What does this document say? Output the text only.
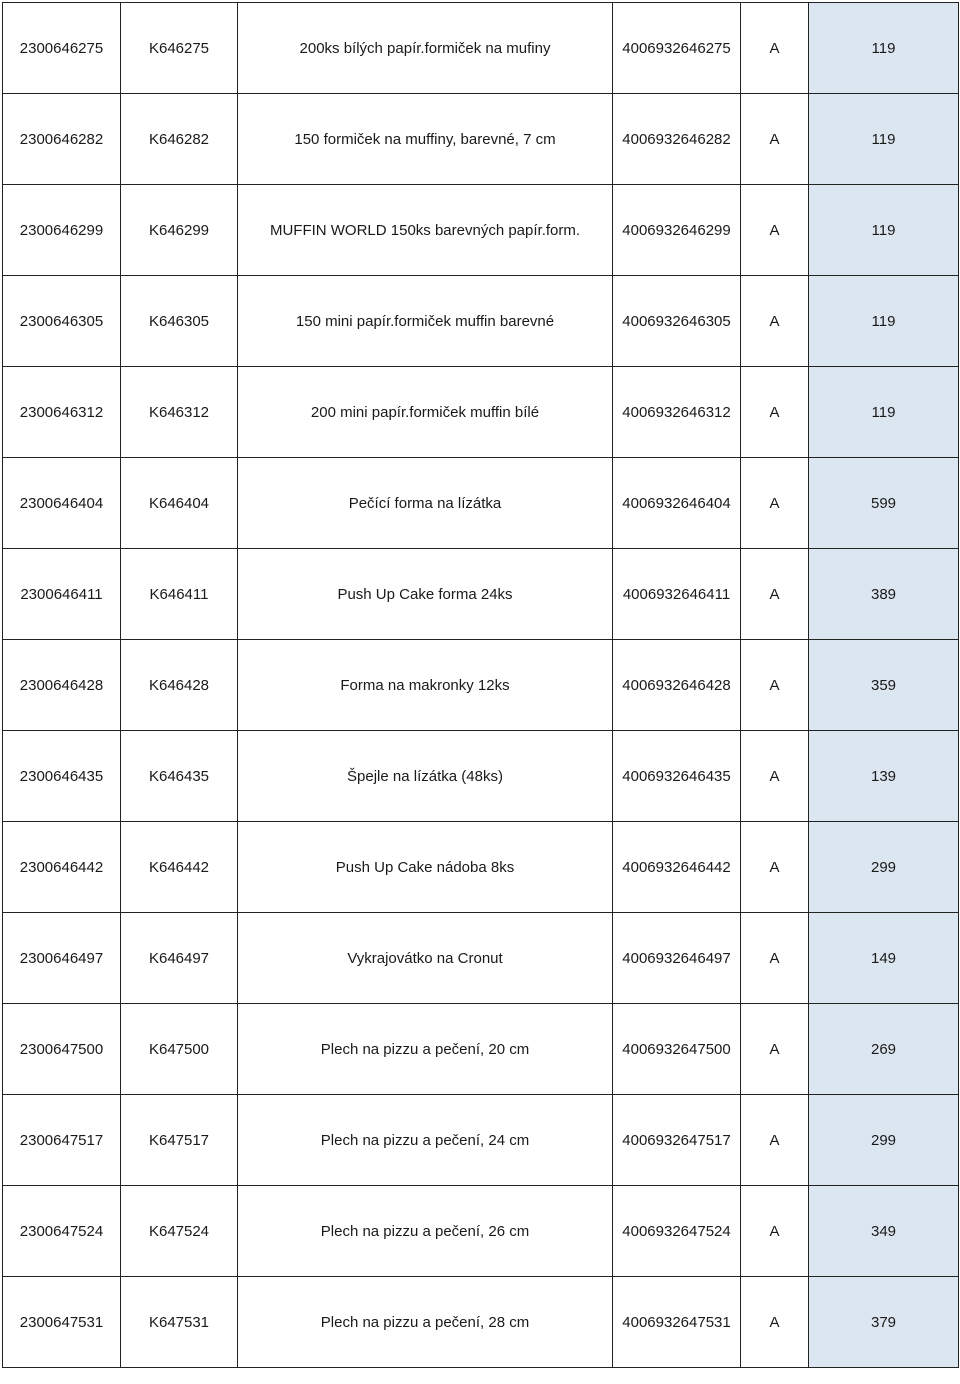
2300646275	K646275	200ks bílých papír.formiček na mufiny	4006932646275	A	119
2300646282	K646282	150 formiček na muffiny, barevné, 7 cm	4006932646282	A	119
2300646299	K646299	MUFFIN WORLD 150ks barevných papír.form.	4006932646299	A	119
2300646305	K646305	150 mini papír.formiček muffin barevné	4006932646305	A	119
2300646312	K646312	200 mini papír.formiček muffin bílé	4006932646312	A	119
2300646404	K646404	Pečící forma na lízátka	4006932646404	A	599
2300646411	K646411	Push Up Cake forma 24ks	4006932646411	A	389
2300646428	K646428	Forma na makronky 12ks	4006932646428	A	359
2300646435	K646435	Špejle na lízátka (48ks)	4006932646435	A	139
2300646442	K646442	Push Up Cake nádoba 8ks	4006932646442	A	299
2300646497	K646497	Vykrajovátko na Cronut	4006932646497	A	149
2300647500	K647500	Plech na pizzu a pečení, 20 cm	4006932647500	A	269
2300647517	K647517	Plech na pizzu a pečení, 24 cm	4006932647517	A	299
2300647524	K647524	Plech na pizzu a pečení, 26 cm	4006932647524	A	349
2300647531	K647531	Plech na pizzu a pečení, 28 cm	4006932647531	A	379
